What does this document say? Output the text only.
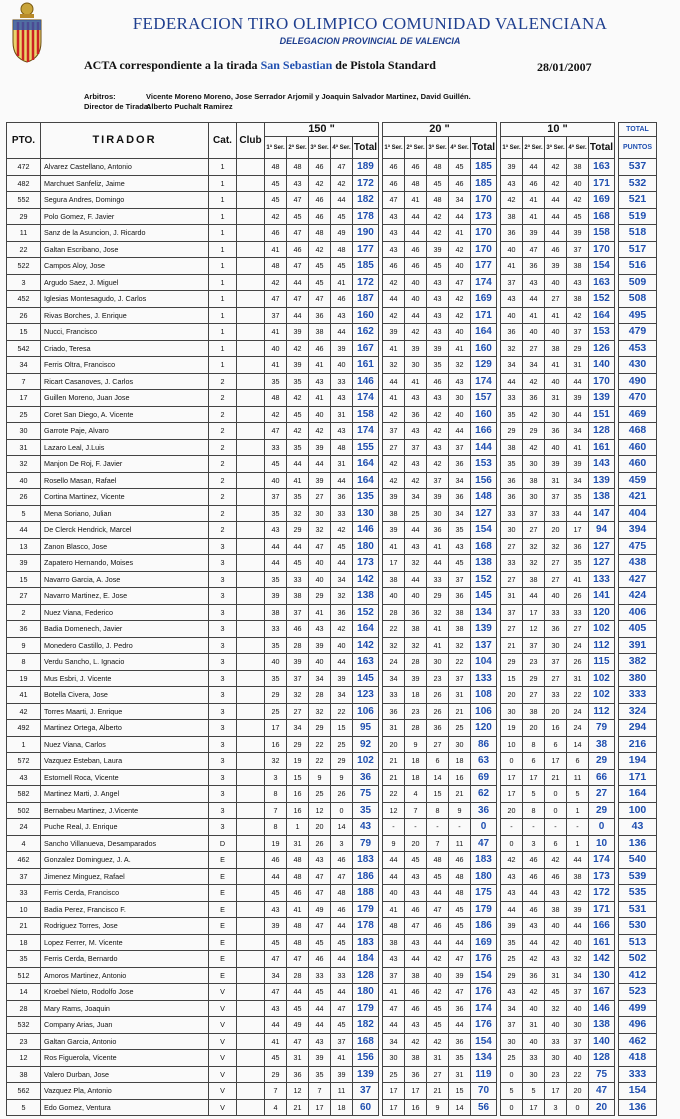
FEDERACION TIRO OLIMPICO COMUNIDAD VALENCIANA
DELEGACION PROVINCIAL DE VALENCIA
ACTA correspondiente a la tirada San Sebastian de Pistola Standard	28/01/2007
Arbitros:	Vicente Moreno Moreno, Jose Serrador Arjomil y Joaquin Salvador Martinez, David Guillén.
Director de Tirada:Alberto Puchalt Ramirez
PTO.	TIRADOR	Cat.	Club	150 "						20 "						10 "						TOTAL
				1ª Ser.	2ª Ser.	3ª Ser.	4ª Ser.	Total		1ª Ser.	2ª Ser.	3ª Ser.	4ª Ser.	Total		1ª Ser.	2ª Ser.	3ª Ser.	4ª Ser.	Total		PUNTOS
472	Alvarez Castellano, Antonio	1		48	48	46	47	189		46	46	48	45	185		39	44	42	38	163		537
482	Marchuet Sanfeliz, Jaime	1		45	43	42	42	172		46	48	45	46	185		43	46	42	40	171		532
552	Segura Andres, Domingo	1		45	47	46	44	182		47	41	48	34	170		42	41	44	42	169		521
29	Polo Gomez, F. Javier	1		42	45	46	45	178		43	44	42	44	173		38	41	44	45	168		519
11	Sanz de la Asuncion, J. Ricardo	1		46	47	48	49	190		43	44	42	41	170		36	39	44	39	158		518
22	Galtan Escribano, Jose	1		41	46	42	48	177		43	46	39	42	170		40	47	46	37	170		517
522	Campos Aloy, Jose	1		48	47	45	45	185		46	46	45	40	177		41	36	39	38	154		516
3	Argudo Saez, J. Miguel	1		42	44	45	41	172		42	40	43	47	174		37	43	40	43	163		509
452	Iglesias Montesagudo, J. Carlos	1		47	47	47	46	187		44	40	43	42	169		43	44	27	38	152		508
26	Rivas Borches, J. Enrique	1		37	44	36	43	160		42	44	43	42	171		40	41	41	42	164		495
15	Nucci, Francisco	1		41	39	38	44	162		39	42	43	40	164		36	40	40	37	153		479
542	Criado, Teresa	1		40	42	46	39	167		41	39	39	41	160		32	27	38	29	126		453
34	Ferris Oltra, Francisco	1		41	39	41	40	161		32	30	35	32	129		34	34	41	31	140		430
7	Ricart Casanoves, J. Carlos	2		35	35	43	33	146		44	41	46	43	174		44	42	40	44	170		490
17	Guillen Moreno, Juan Jose	2		48	42	41	43	174		41	43	43	30	157		33	36	31	39	139		470
25	Coret San Diego, A. Vicente	2		42	45	40	31	158		42	36	42	40	160		35	42	30	44	151		469
30	Garrote Paje, Alvaro	2		47	42	42	43	174		37	43	42	44	166		29	29	36	34	128		468
31	Lazaro Leal, J.Luis	2		33	35	39	48	155		27	37	43	37	144		38	42	40	41	161		460
32	Manjon De Roj, F. Javier	2		45	44	44	31	164		42	43	42	36	153		35	30	39	39	143		460
40	Rosello Masan, Rafael	2		40	41	39	44	164		42	42	37	34	156		36	38	31	34	139		459
26	Cortina Martinez, Vicente	2		37	35	27	36	135		39	34	39	36	148		36	30	37	35	138		421
5	Mena Soriano, Julian	2		35	32	30	33	130		38	25	30	34	127		33	37	33	44	147		404
44	De Clerck Hendrick, Marcel	2		43	29	32	42	146		39	44	36	35	154		30	27	20	17	94		394
13	Zanon Blasco, Jose	3		44	44	47	45	180		41	43	41	43	168		27	32	32	36	127		475
39	Zapatero Hernando, Moises	3		44	45	40	44	173		17	32	44	45	138		33	32	27	35	127		438
15	Navarro Garcia, A. Jose	3		35	33	40	34	142		38	44	33	37	152		27	38	27	41	133		427
27	Navarro Martinez, E. Jose	3		39	38	29	32	138		40	40	29	36	145		31	44	40	26	141		424
2	Nuez Viana, Federico	3		38	37	41	36	152		28	36	32	38	134		37	17	33	33	120		406
36	Badia Domenech, Javier	3		33	46	43	42	164		22	38	41	38	139		27	12	36	27	102		405
9	Monedero Castillo, J. Pedro	3		35	28	39	40	142		32	32	41	32	137		21	37	30	24	112		391
8	Verdu Sancho, L. Ignacio	3		40	39	40	44	163		24	28	30	22	104		29	23	37	26	115		382
19	Mus Esbri, J. Vicente	3		35	37	34	39	145		34	39	23	37	133		15	29	27	31	102		380
41	Botella Civera, Jose	3		29	32	28	34	123		33	18	26	31	108		20	27	33	22	102		333
42	Torres Maarti, J. Enrique	3		25	27	32	22	106		36	23	26	21	106		30	38	20	24	112		324
492	Martinez Ortega, Alberto	3		17	34	29	15	95		31	28	36	25	120		19	20	16	24	79		294
1	Nuez Viana, Carlos	3		16	29	22	25	92		20	9	27	30	86		10	8	6	14	38		216
572	Vazquez Esteban, Laura	3		32	19	22	29	102		21	18	6	18	63		0	6	17	6	29		194
43	Estornell Roca, Vicente	3		3	15	9	9	36		21	18	14	16	69		17	17	21	11	66		171
582	Martinez Marti, J. Angel	3		8	16	25	26	75		22	4	15	21	62		17	5	0	5	27		164
502	Bernabeu Martinez, J.Vicente	3		7	16	12	0	35		12	7	8	9	36		20	8	0	1	29		100
24	Puche Real, J. Enrique	3		8	1	20	14	43		-	-	-	-	0		-	-	-	-	0		43
4	Sancho Villanueva, Desamparados	D		19	31	26	3	79		9	20	7	11	47		0	3	6	1	10		136
462	Gonzalez Dominguez, J. A.	E		46	48	43	46	183		44	45	48	46	183		42	46	42	44	174		540
37	Jimenez Minguez, Rafael	E		44	48	47	47	186		44	43	45	48	180		43	46	46	38	173		539
33	Ferris Cerda, Francisco	E		45	46	47	48	188		40	43	44	48	175		43	44	43	42	172		535
10	Badia Perez, Francisco F.	E		43	41	49	46	179		41	46	47	45	179		44	46	38	39	171		531
21	Rodriguez Torres, Jose	E		39	48	47	44	178		48	47	46	45	186		39	43	40	44	166		530
18	Lopez Ferrer, M. Vicente	E		45	48	45	45	183		38	43	44	44	169		35	44	42	40	161		513
35	Ferris Cerda, Bernardo	E		47	47	46	44	184		43	44	42	47	176		25	42	43	32	142		502
512	Amoros Martinez, Antonio	E		34	28	33	33	128		37	38	40	39	154		29	36	31	34	130		412
14	Kroebel Nieto, Rodolfo Jose	V		47	44	45	44	180		41	46	42	47	176		43	42	45	37	167		523
28	Mary Rams, Joaquin	V		43	45	44	47	179		47	46	45	36	174		34	40	32	40	146		499
532	Company Arias, Juan	V		44	49	44	45	182		44	43	45	44	176		37	31	40	30	138		496
23	Galtan Garcia, Antonio	V		41	47	43	37	168		34	42	42	36	154		30	40	33	37	140		462
12	Ros Figuerola, Vicente	V		45	31	39	41	156		30	38	31	35	134		25	33	30	40	128		418
38	Valero Durban, Jose	V		29	36	35	39	139		25	36	27	31	119		0	30	23	22	75		333
562	Vazquez Pla, Antonio	V		7	12	7	11	37		17	17	21	15	70		5	5	17	20	47		154
5	Edo Gomez, Ventura	V		4	21	17	18	60		17	16	9	14	56		0	17	3	0	20		136
